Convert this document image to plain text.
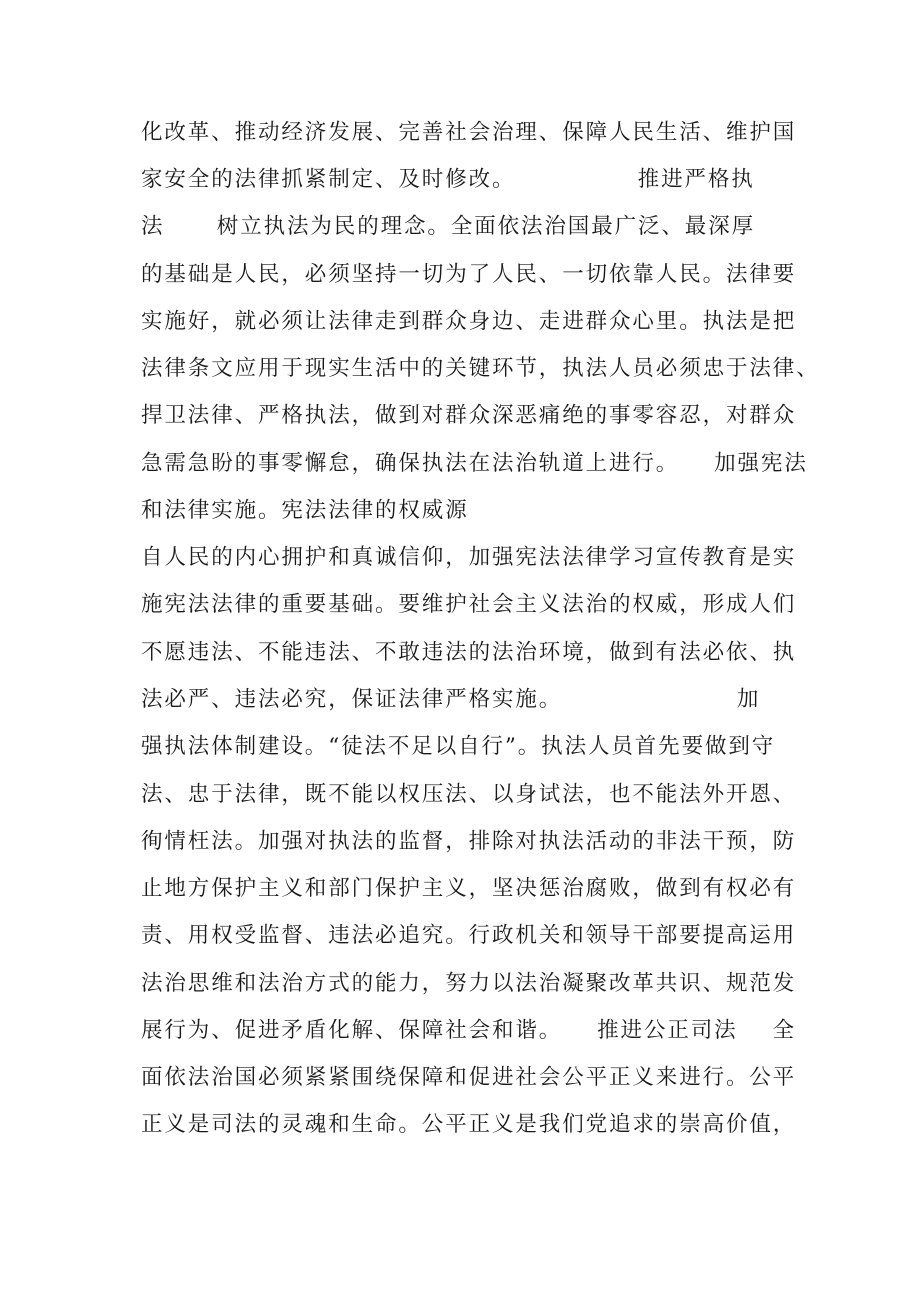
化改革、推动经济发展、完善社会治理、保障人民生活、维护国

家安全的法律抓紧制定、及时修改。              推进严格执

法      树立执法为民的理念。全面依法治国最广泛、最深厚

的基础是人民，必须坚持一切为了人民、一切依靠人民。法律要

实施好，就必须让法律走到群众身边、走进群众心里。执法是把

法律条文应用于现实生活中的关键环节，执法人员必须忠于法律、

捍卫法律、严格执法，做到对群众深恶痛绝的事零容忍，对群众

急需急盼的事零懈怠，确保执法在法治轨道上进行。    加强宪法

和法律实施。宪法法律的权威源

自人民的内心拥护和真诚信仰，加强宪法法律学习宣传教育是实

施宪法法律的重要基础。要维护社会主义法治的权威，形成人们

不愿违法、不能违法、不敢违法的法治环境，做到有法必依、执

法必严、违法必究，保证法律严格实施。                    加

强执法体制建设。“徒法不足以自行”。执法人员首先要做到守

法、忠于法律，既不能以权压法、以身试法，也不能法外开恩、

徇情枉法。加强对执法的监督，排除对执法活动的非法干预，防

止地方保护主义和部门保护主义，坚决惩治腐败，做到有权必有

责、用权受监督、违法必追究。行政机关和领导干部要提高运用

法治思维和法治方式的能力，努力以法治凝聚改革共识、规范发

展行为、促进矛盾化解、保障社会和谐。    推进公正司法    全

面依法治国必须紧紧围绕保障和促进社会公平正义来进行。公平

正义是司法的灵魂和生命。公平正义是我们党追求的崇高价值，
